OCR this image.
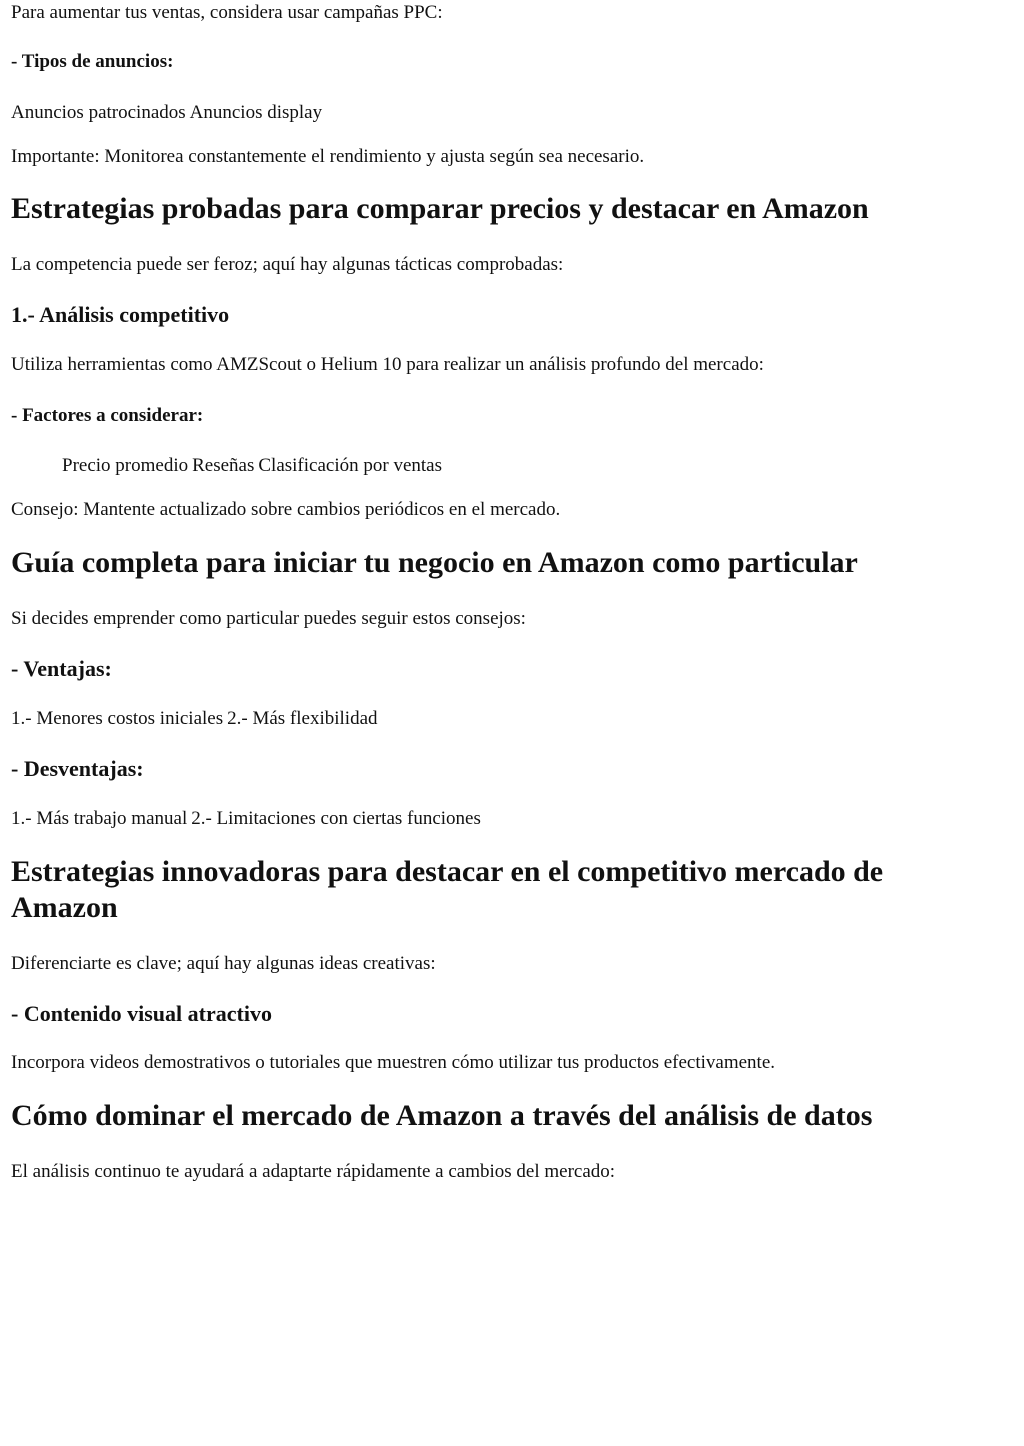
Para aumentar tus ventas, considera usar campañas PPC:

- Tipos de anuncios:

Anuncios patrocinados Anuncios display

Importante: Monitorea constantemente el rendimiento y ajusta según sea necesario.

Estrategias probadas para comparar precios y destacar en Amazon

La competencia puede ser feroz; aquí hay algunas tácticas comprobadas:

1.- Análisis competitivo

Utiliza herramientas como AMZScout o Helium 10 para realizar un análisis profundo del mercado:

- Factores a considerar:

Precio promedio Reseñas Clasificación por ventas

Consejo: Mantente actualizado sobre cambios periódicos en el mercado.

Guía completa para iniciar tu negocio en Amazon como particular

Si decides emprender como particular puedes seguir estos consejos:

- Ventajas:

1.- Menores costos iniciales 2.- Más flexibilidad

- Desventajas:

1.- Más trabajo manual 2.- Limitaciones con ciertas funciones

Estrategias innovadoras para destacar en el competitivo mercado de Amazon

Diferenciarte es clave; aquí hay algunas ideas creativas:

- Contenido visual atractivo

Incorpora videos demostrativos o tutoriales que muestren cómo utilizar tus productos efectivamente.

Cómo dominar el mercado de Amazon a través del análisis de datos

El análisis continuo te ayudará a adaptarte rápidamente a cambios del mercado:
